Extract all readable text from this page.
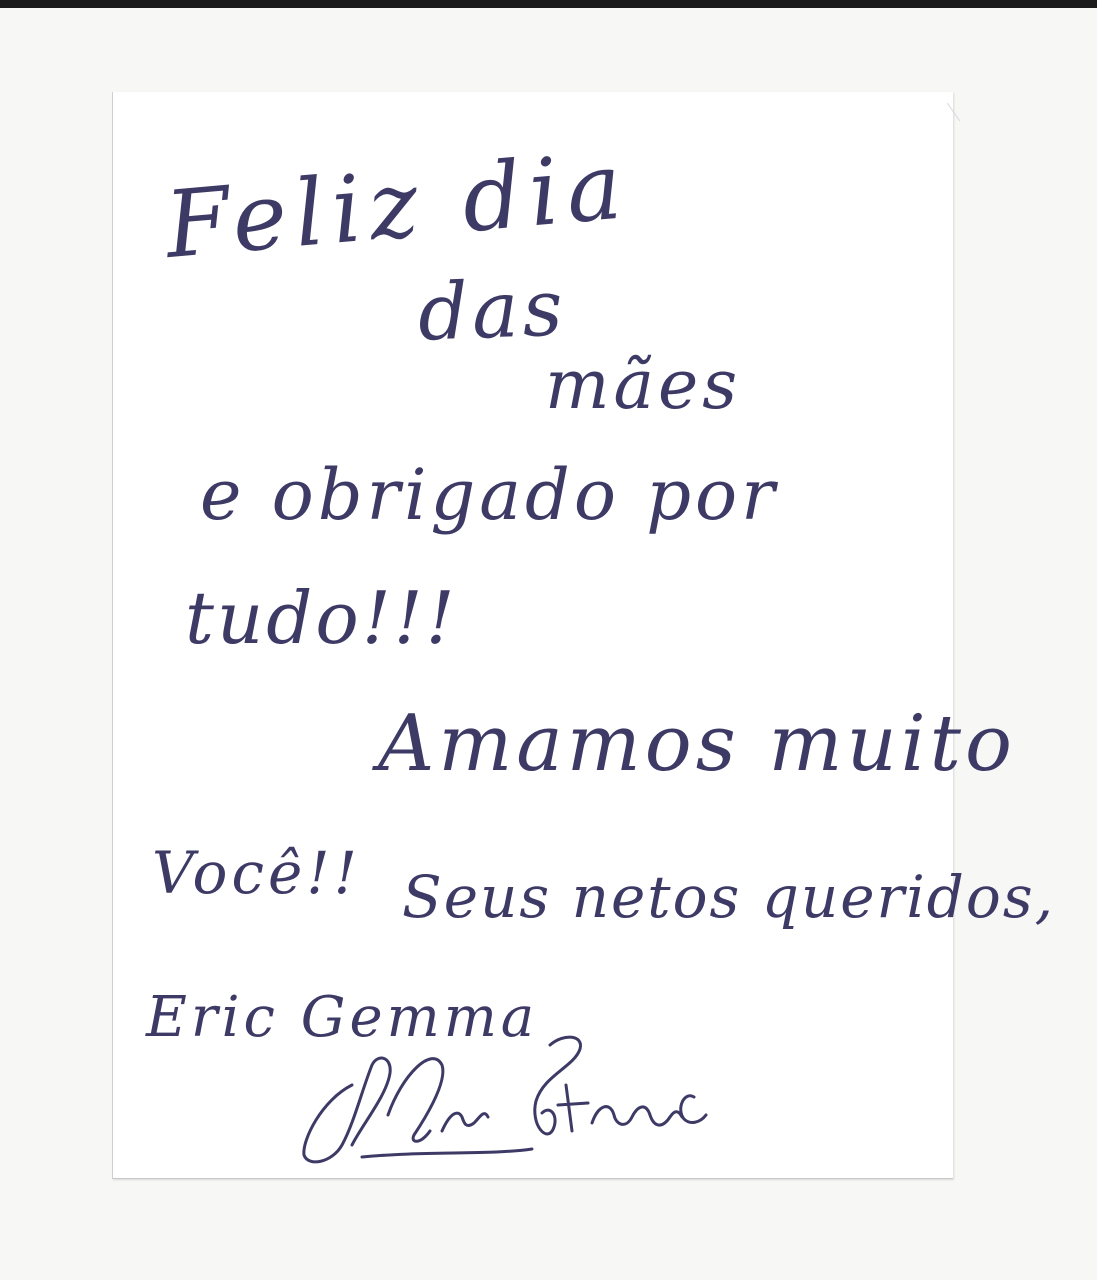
Feliz dia
das
mães
e obrigado por
tudo!!!
Amamos muito
Você!! Seus netos queridos,
Eric Gemma
